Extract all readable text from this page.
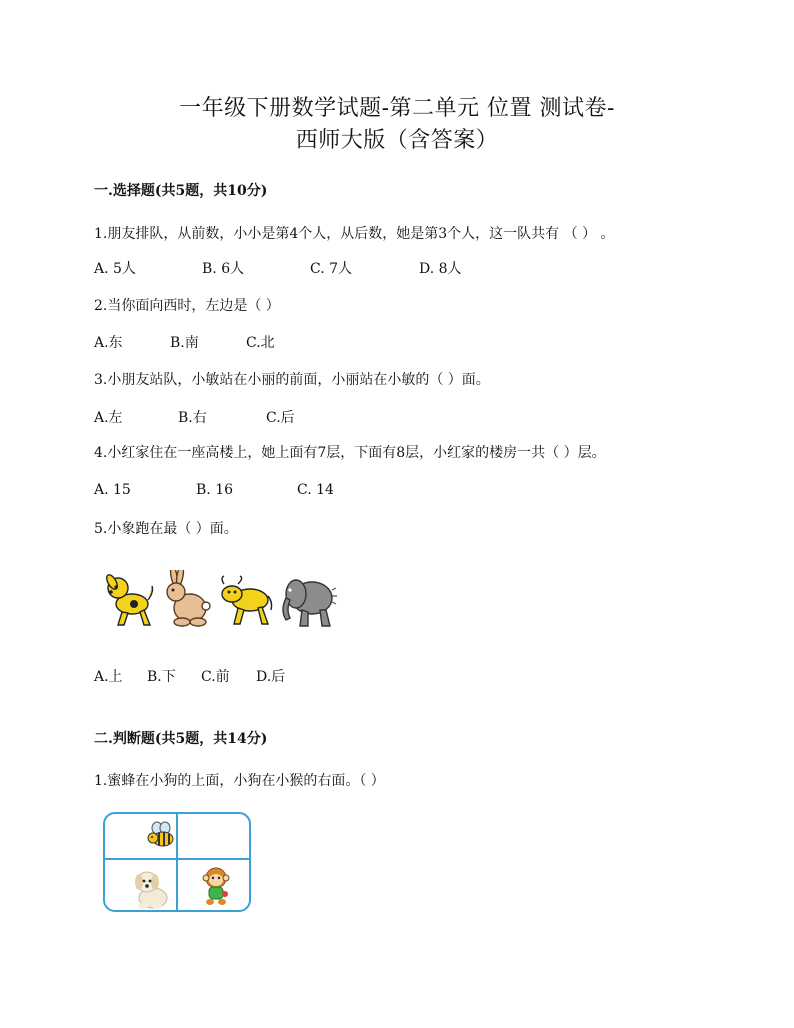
一年级下册数学试题-第二单元 位置 测试卷-
西师大版（含答案）
一.选择题(共5题，共10分)
1.朋友排队，从前数，小小是第4个人，从后数，她是第3个人，这一队共有 （ ） 。
A. 5人	B. 6人	C. 7人	D. 8人
2.当你面向西时，左边是（ ）
A.东	B.南	C.北
3.小朋友站队，小敏站在小丽的前面，小丽站在小敏的（ ）面。
A.左	B.右	C.后
4.小红家住在一座高楼上，她上面有7层，下面有8层，小红家的楼房一共（ ）层。
A. 15	B. 16	C. 14
5.小象跑在最（ ）面。
A.上 B.下 C.前 D.后
二.判断题(共5题，共14分)
1.蜜蜂在小狗的上面，小狗在小猴的右面。（ ）
